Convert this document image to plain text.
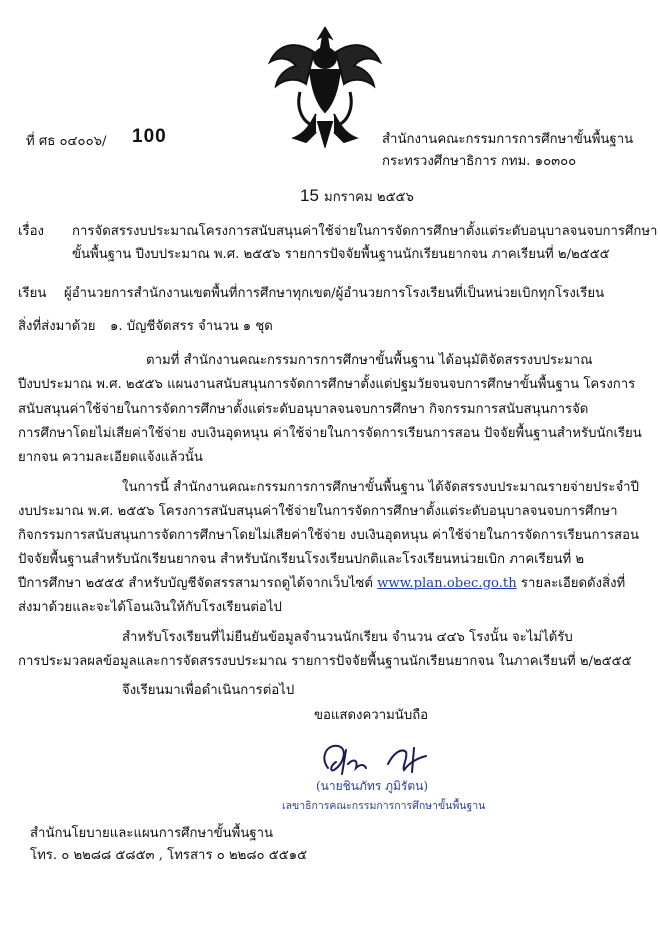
ที่ ศธ ๐๔๐๐๖/ 100	สำนักงานคณะกรรมการการศึกษาขั้นพื้นฐาน
กระทรวงศึกษาธิการ กทม. ๑๐๓๐๐
15 มกราคม ๒๕๕๖
เรื่อง การจัดสรรงบประมาณโครงการสนับสนุนค่าใช้จ่ายในการจัดการศึกษาตั้งแต่ระดับอนุบาลจนจบการศึกษา
ขั้นพื้นฐาน ปีงบประมาณ พ.ศ. ๒๕๕๖ รายการปัจจัยพื้นฐานนักเรียนยากจน ภาคเรียนที่ ๒/๒๕๕๕
เรียน ผู้อำนวยการสำนักงานเขตพื้นที่การศึกษาทุกเขต/ผู้อำนวยการโรงเรียนที่เป็นหน่วยเบิกทุกโรงเรียน
สิ่งที่ส่งมาด้วย ๑. บัญชีจัดสรร จำนวน ๑ ชุด
ตามที่ สำนักงานคณะกรรมการการศึกษาขั้นพื้นฐาน ได้อนุมัติจัดสรรงบประมาณ
ปีงบประมาณ พ.ศ. ๒๕๕๖ แผนงานสนับสนุนการจัดการศึกษาตั้งแต่ปฐมวัยจนจบการศึกษาขั้นพื้นฐาน โครงการ
สนับสนุนค่าใช้จ่ายในการจัดการศึกษาตั้งแต่ระดับอนุบาลจนจบการศึกษา กิจกรรมการสนับสนุนการจัด
การศึกษาโดยไม่เสียค่าใช้จ่าย งบเงินอุดหนุน ค่าใช้จ่ายในการจัดการเรียนการสอน ปัจจัยพื้นฐานสำหรับนักเรียน
ยากจน ความละเอียดแจ้งแล้วนั้น
ในการนี้ สำนักงานคณะกรรมการการศึกษาขั้นพื้นฐาน ได้จัดสรรงบประมาณรายจ่ายประจำปี
งบประมาณ พ.ศ. ๒๕๕๖ โครงการสนับสนุนค่าใช้จ่ายในการจัดการศึกษาตั้งแต่ระดับอนุบาลจนจบการศึกษา
กิจกรรมการสนับสนุนการจัดการศึกษาโดยไม่เสียค่าใช้จ่าย งบเงินอุดหนุน ค่าใช้จ่ายในการจัดการเรียนการสอน
ปัจจัยพื้นฐานสำหรับนักเรียนยากจน สำหรับนักเรียนโรงเรียนปกติและโรงเรียนหน่วยเบิก ภาคเรียนที่ ๒
ปีการศึกษา ๒๕๕๕ สำหรับบัญชีจัดสรรสามารถดูได้จากเว็บไซต์ www.plan.obec.go.th รายละเอียดดังสิ่งที่
ส่งมาด้วยและจะได้โอนเงินให้กับโรงเรียนต่อไป
สำหรับโรงเรียนที่ไม่ยืนยันข้อมูลจำนวนนักเรียน จำนวน ๔๔๖ โรงนั้น จะไม่ได้รับ
การประมวลผลข้อมูลและการจัดสรรงบประมาณ รายการปัจจัยพื้นฐานนักเรียนยากจน ในภาคเรียนที่ ๒/๒๕๕๕
จึงเรียนมาเพื่อดำเนินการต่อไป
ขอแสดงความนับถือ
(นายชินภัทร ภูมิรัตน)
เลขาธิการคณะกรรมการการศึกษาขั้นพื้นฐาน
สำนักนโยบายและแผนการศึกษาขั้นพื้นฐาน
โทร. ๐ ๒๒๘๘ ๕๘๕๓ , โทรสาร ๐ ๒๒๘๐ ๕๕๑๕
